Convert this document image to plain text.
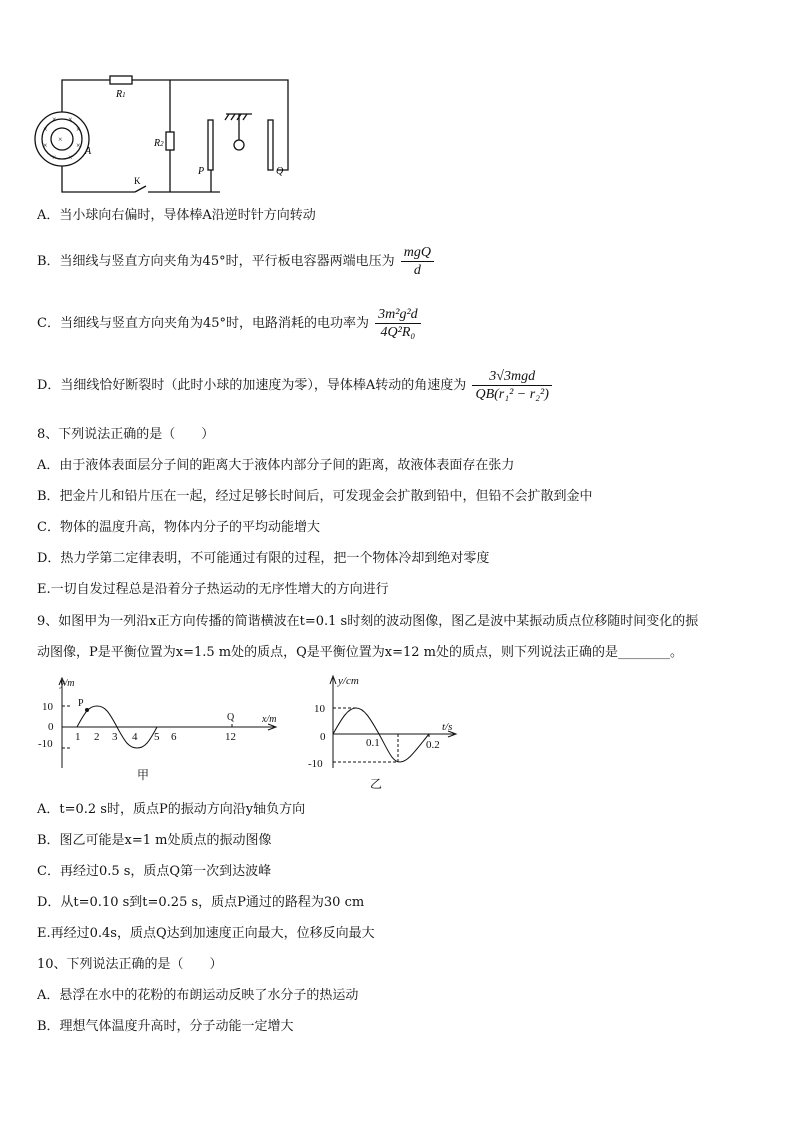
×
× ×
×
×	×
× ×
×
R1
R2
A
K
P	Q
A．当小球向右偏时，导体棒A沿逆时针方向转动
B．当细线与竖直方向夹角为45°时，平行板电容器两端电压为 $\frac{\text{mgQ}}{d}$
C．当细线与竖直方向夹角为45°时，电路消耗的电功率为 $\frac{\text{3m²g²d}}{\text{4Q²R₀}}$
D．当细线恰好断裂时（此时小球的加速度为零），导体棒A转动的角速度为 $\frac{\text{3√3mgd}}{\text{QB(r₁² − r₂²)}}$
8、下列说法正确的是（　　）
A．由于液体表面层分子间的距离大于液体内部分子间的距离，故液体表面存在张力
B．把金片儿和铅片压在一起，经过足够长时间后，可发现金会扩散到铅中，但铅不会扩散到金中
C．物体的温度升高，物体内分子的平均动能增大
D．热力学第二定律表明，不可能通过有限的过程，把一个物体冷却到绝对零度
E.一切自发过程总是沿着分子热运动的无序性增大的方向进行
9、如图甲为一列沿x正方向传播的简谐横波在t=0.1 s时刻的波动图像，图乙是波中某振动质点位移随时间变化的振
动图像，P是平衡位置为x=1.5 m处的质点，Q是平衡位置为x=12 m处的质点，则下列说法正确的是________。
y/m
x/m
10
0
-10
1 2 3 4 5 6	12
P
Q
甲
y/cm
t/s
10
0
-10
0.1	0.2
乙
A．t=0.2 s时，质点P的振动方向沿y轴负方向
B．图乙可能是x=1 m处质点的振动图像
C．再经过0.5 s，质点Q第一次到达波峰
D．从t=0.10 s到t=0.25 s，质点P通过的路程为30 cm
E.再经过0.4s，质点Q达到加速度正向最大，位移反向最大
10、下列说法正确的是（　　）
A．悬浮在水中的花粉的布朗运动反映了水分子的热运动
B．理想气体温度升高时，分子动能一定增大
